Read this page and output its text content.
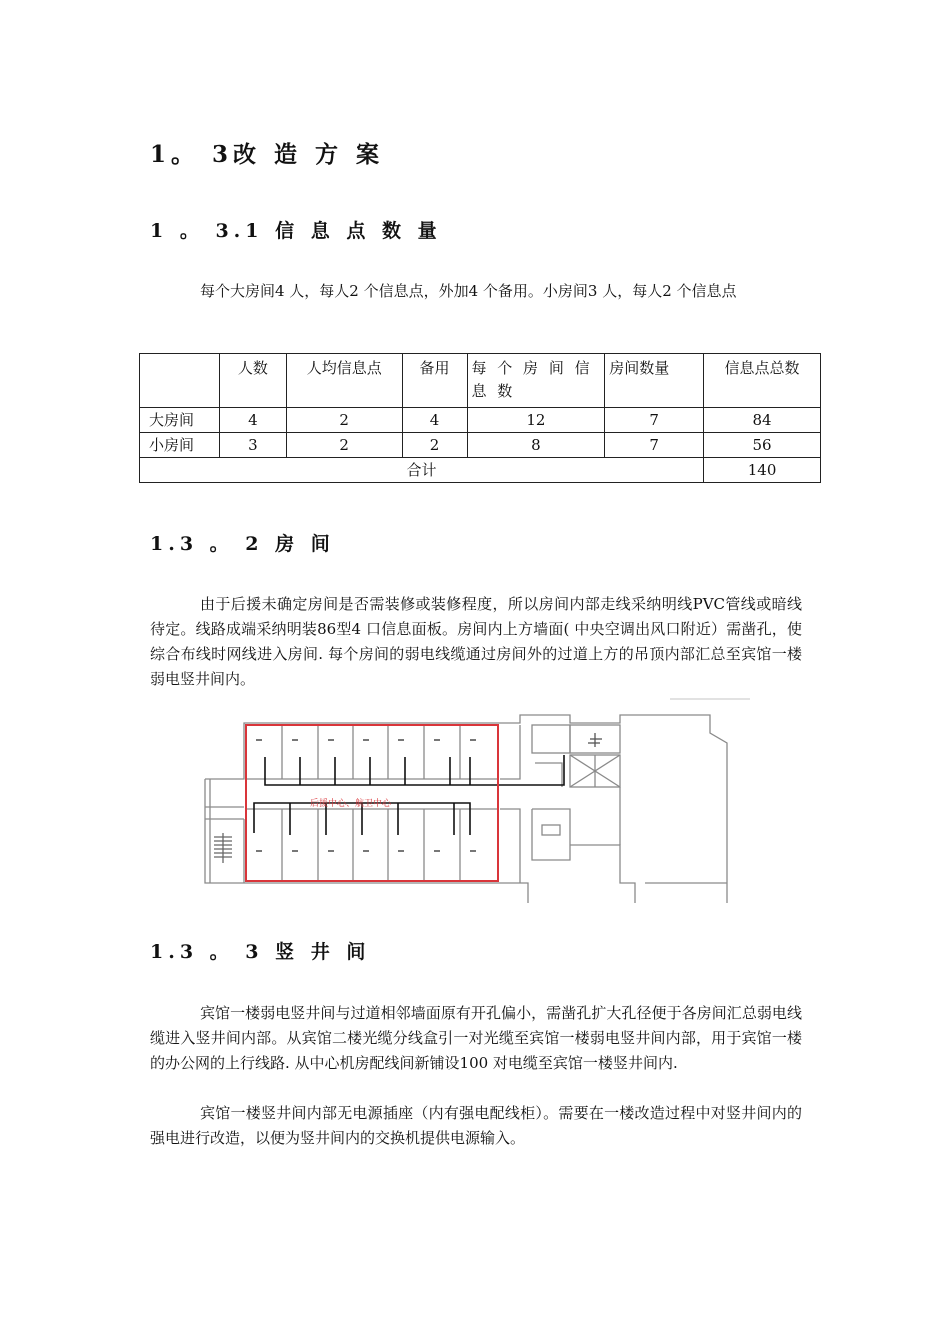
1。 3改 造 方 案
1 。 3.1 信 息 点 数 量

每个大房间4 人，每人2 个信息点，外加4 个备用。小房间3 人，每人2 个信息点

	人数	人均信息点	备用	每 个 房 间 信 息 数	房间数量	信息点总数
大房间	4	2	4	12	7	84
小房间	3	2	2	8	7	56
合计						140
1.3 。 2 房 间

由于后援未确定房间是否需装修或装修程度，所以房间内部走线采纳明线PVC管线或暗线待定。线路成端采纳明装86型4 口信息面板。房间内上方墙面( 中央空调出风口附近）需凿孔，使综合布线时网线进入房间. 每个房间的弱电线缆通过房间外的过道上方的吊顶内部汇总至宾馆一楼弱电竖井间内。

后援中心、航卫中心
1.3 。 3 竖 井 间

宾馆一楼弱电竖井间与过道相邻墙面原有开孔偏小，需凿孔扩大孔径便于各房间汇总弱电线缆进入竖井间内部。从宾馆二楼光缆分线盒引一对光缆至宾馆一楼弱电竖井间内部，用于宾馆一楼的办公网的上行线路. 从中心机房配线间新铺设100 对电缆至宾馆一楼竖井间内.

宾馆一楼竖井间内部无电源插座（内有强电配线柜）。需要在一楼改造过程中对竖井间内的强电进行改造，以便为竖井间内的交换机提供电源输入。
